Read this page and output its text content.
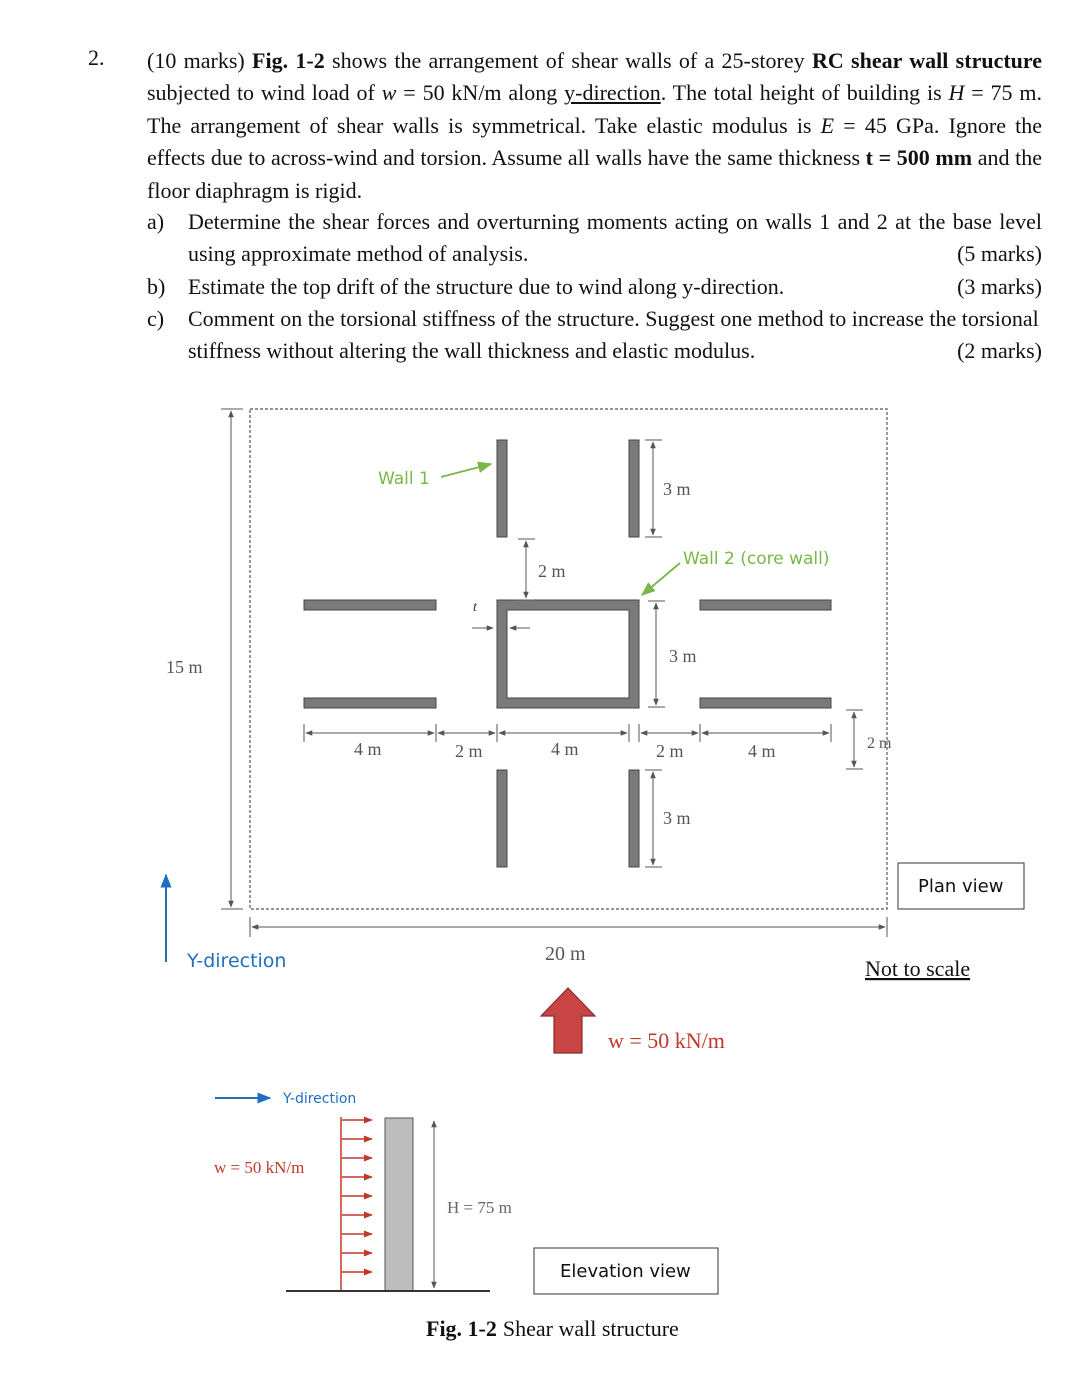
2. (10 marks) Fig. 1-2 shows the arrangement of shear walls of a 25-storey RC shear wall structure subjected to wind load of w = 50 kN/m along y-direction. The total height of building is H = 75 m. The arrangement of shear walls is symmetrical. Take elastic modulus is E = 45 GPa. Ignore the effects due to across-wind and torsion. Assume all walls have the same thickness t = 500 mm and the floor diaphragm is rigid.
a) Determine the shear forces and overturning moments acting on walls 1 and 2 at the base level using approximate method of analysis.	(5 marks)
b) Estimate the top drift of the structure due to wind along y-direction.	(3 marks)
c) Comment on the torsional stiffness of the structure. Suggest one method to increase the torsional stiffness without altering the wall thickness and elastic modulus.	(2 marks)
Wall 1
Wall 2 (core wall)
t
3 m
2 m
3 m
15 m
4 m	2 m	4 m	2 m	4 m	2 m
3 m
20 m
Plan view
Y-direction	Not to scale
w = 50 kN/m
Y-direction
w = 50 kN/m
H = 75 m
Elevation view
Fig. 1-2 Shear wall structure
